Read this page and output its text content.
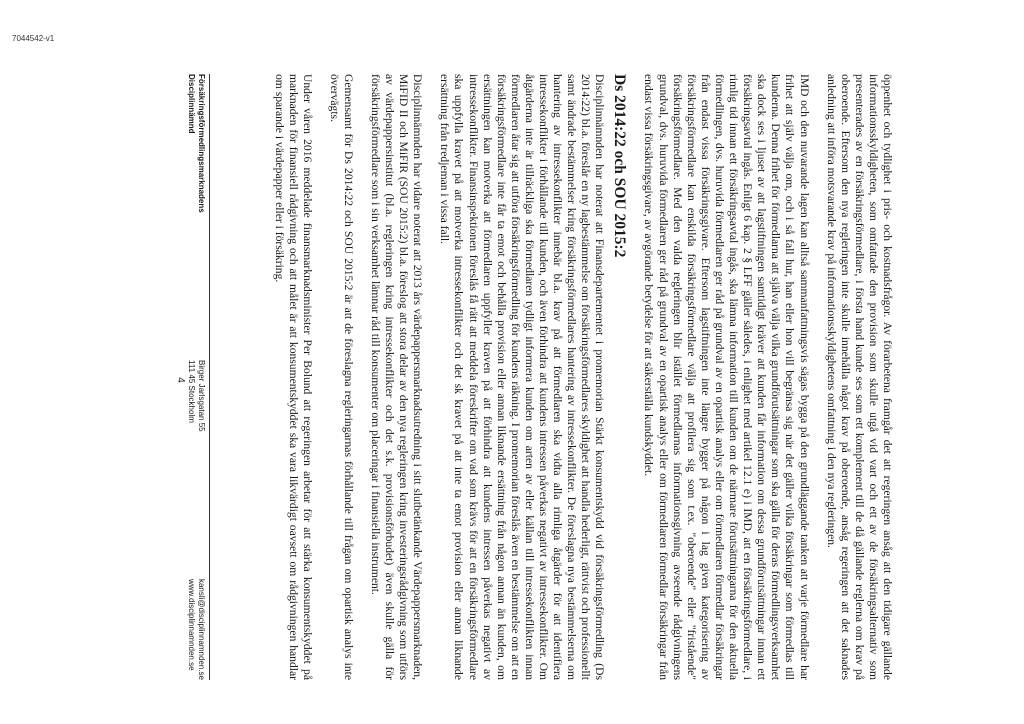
7044542-v1

öppenhet och tydlighet i pris- och kostnadsfrågor. Av förarbetena framgår det att regeringen ansåg att den tidigare gällande informationsskyldigheten, som omfattade den provision som skulle utgå vid vart och ett av de försäkringsalternativ som presenterades av en försäkringsförmedlare, i första hand kunde ses som ett komplement till de då gällande reglerna om krav på oberoende. Eftersom den nya regleringen inte skulle innehålla något krav på oberoende, ansåg regeringen att det saknades anledning att införa motsvarande krav på informationsskyldighetens omfattning i den nya regleringen.

IMD och den nuvarande lagen kan alltså sammanfattningsvis sägas bygga på den grundläggande tanken att varje förmedlare har frihet att själv välja om, och i så fall hur, han eller hon vill begränsa sig när det gäller vilka försäkringar som förmedlas till kunderna. Denna frihet för förmedlarna att själva välja vilka grundförutsättningar som ska gälla för deras förmedlingsverksamhet ska dock ses i ljuset av att lagstiftningen samtidigt kräver att kunden får information om dessa grundförutsättningar innan ett försäkringsavtal ingås. Enligt 6 kap. 2 § LFF gäller således, i enlighet med artikel 12.1 e) i IMD, att en försäkringsförmedlare, i rimlig tid innan ett försäkringsavtal ingås, ska lämna information till kunden om de närmare förutsättningarna för den aktuella förmedlingen, dvs. huruvida förmedlaren ger råd på grundval av en opartisk analys eller om förmedlaren förmedlar försäkringar från endast vissa försäkringsgivare. Eftersom lagstiftningen inte längre bygger på någon i lag given kategorisering av försäkringsförmedlare kan enskilda försäkringsförmedlare välja att profilera sig som t.ex. "oberoende" eller "fristående" försäkringsförmedlare. Med den valda regleringen blir istället förmedlarnas informationsgivning avseende rådgivningens grundval, dvs. huruvida förmedlaren ger råd på grundval av en opartisk analys eller om förmedlaren förmedlar försäkringar från endast vissa försäkringsgivare, av avgörande betydelse för att säkerställa kundskyddet.

Ds 2014:22 och SOU 2015:2

Disciplinnämnden har noterat att Finansdepartementet i promemorian Stärkt konsumentskydd vid försäkringsförmedling (Ds 2014:22) bl.a. föreslår en ny lagbestämmelse om försäkringsförmedlares skyldighet att handla hederligt, rättvist och professionellt samt ändrade bestämmelser kring försäkringsförmedlares hantering av intressekonflikter. De föreslagna nya bestämmelserna om hantering av intressekonflikter innebär bl.a. krav på att förmedlaren ska vidta alla rimliga åtgärder för att identifiera intressekonflikter i förhållande till kunden, och även förhindra att kundens intressen påverkas negativt av intressekonflikter. Om åtgärderna inte är tillräckliga ska förmedlaren tydligt informera kunden om arten av eller källan till intressekonflikten innan förmedlaren åtar sig att utföra försäkringsförmedling för kundens räkning. I promemorian föreslås även en bestämmelse om att en försäkringsförmedlare inte får ta emot och behålla provision eller annan liknande ersättning från någon annan än kunden, om ersättningen kan motverka att förmedlaren uppfyller kraven på att förhindra att kundens intressen påverkas negativt av intressekonflikter. Finansinspektionen föreslås få rätt att meddela föreskrifter om vad som krävs för att en försäkringsförmedlare ska uppfylla kravet på att motverka intressekonflikter och det sk kravet på att inte ta emot provision eller annan liknande ersättning från tredjeman i vissa fall.

Disciplinnämnden har vidare noterat att 2013 års värdepappersmarknadsutredning i sitt slutbetänkande Värdepappersmarknaden, MiFID II och MiFIR (SOU 2015:2) bl.a. föreslog att stora delar av den nya regleringen kring investeringsrådgivning som utförs av värdepappersinstitut (bl.a. regleringen kring intressekonflikter och det s.k. provisionsförbudet) även skulle gälla för försäkringsförmedlare som i sin verksamhet lämnar råd till konsumenter om placeringar i finansiella instrument.

Gemensamt för Ds 2014:22 och SOU 2015:2 är att de föreslagna regleringarnas förhållande till frågan om opartisk analys inte övervägts.

Under våren 2016 meddelade finansmarknadsminister Per Bolund att regeringen arbetar för att stärka konsumentskyddet på marknaden för finansiell rådgivning och att målet är att konsumentskyddet ska vara likvärdigt oavsett om rådgivningen handlar om sparande i värdepapper eller i försäkring.

Försäkringsförmedlingsmarknadens
Disciplinnämnd
Birger Jarlsgatan 55
111 45 Stockholm
kansli@disciplinnamnden.se
www.disciplinnamnden.se
4
